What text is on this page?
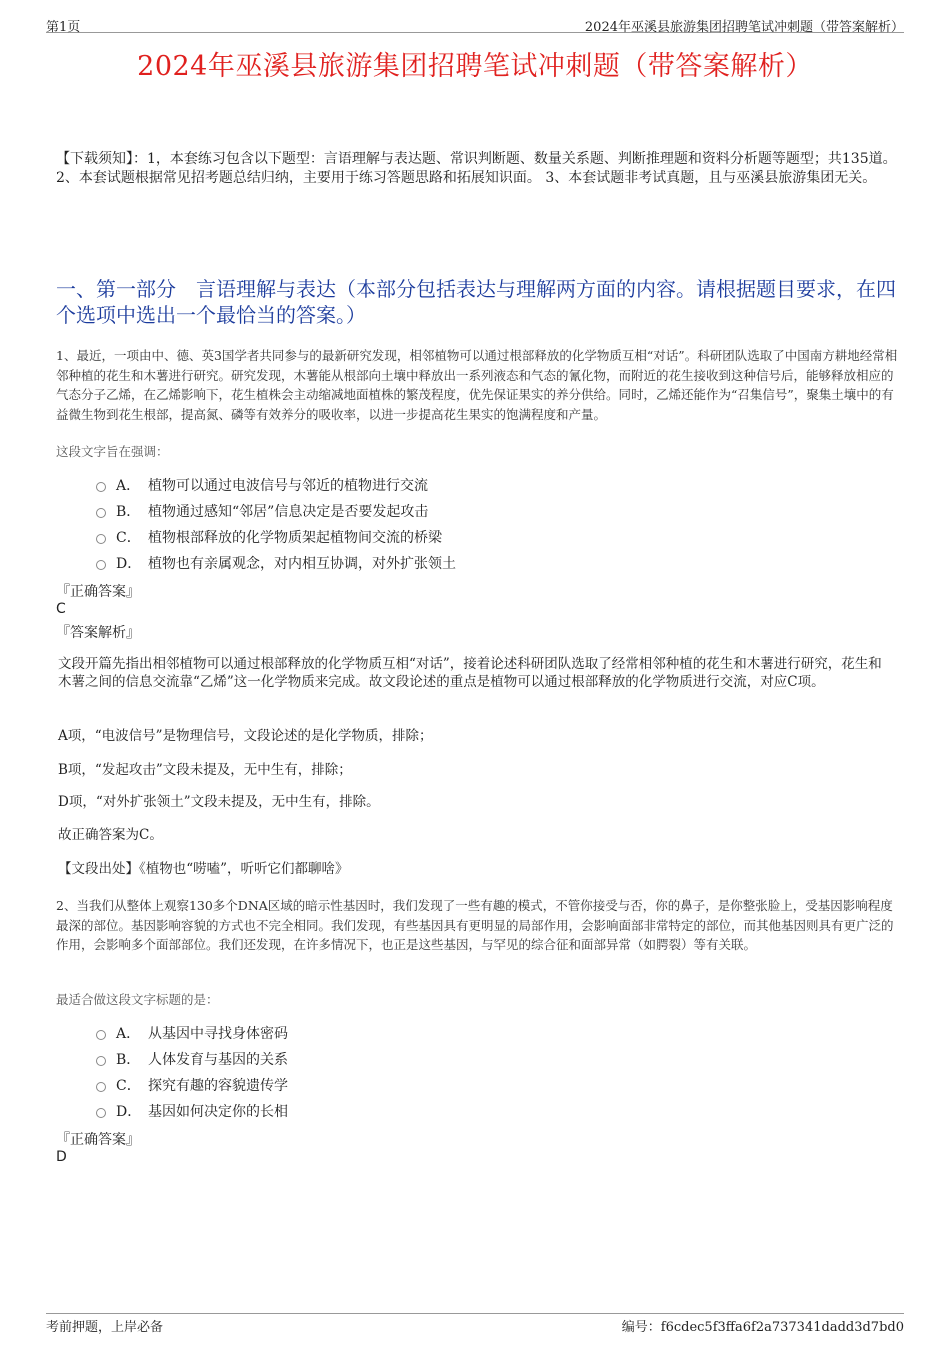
第1页	2024年巫溪县旅游集团招聘笔试冲刺题（带答案解析）
2024年巫溪县旅游集团招聘笔试冲刺题（带答案解析）
【下载须知】：1，本套练习包含以下题型：言语理解与表达题、常识判断题、数量关系题、判断推理题和资料分析题等题型；共135道。 2、本套试题根据常见招考题总结归纳，主要用于练习答题思路和拓展知识面。 3、本套试题非考试真题，且与巫溪县旅游集团无关。
一、第一部分　言语理解与表达（本部分包括表达与理解两方面的内容。请根据题目要求，在四个选项中选出一个最恰当的答案。）

1、最近，一项由中、德、英3国学者共同参与的最新研究发现，相邻植物可以通过根部释放的化学物质互相“对话”。科研团队选取了中国南方耕地经常相邻种植的花生和木薯进行研究。研究发现，木薯能从根部向土壤中释放出一系列液态和气态的氰化物，而附近的花生接收到这种信号后，能够释放相应的气态分子乙烯，在乙烯影响下，花生植株会主动缩减地面植株的繁茂程度，优先保证果实的养分供给。同时，乙烯还能作为“召集信号”，聚集土壤中的有益微生物到花生根部，提高氮、磷等有效养分的吸收率，以进一步提高花生果实的饱满程度和产量。

这段文字旨在强调：
A． 植物可以通过电波信号与邻近的植物进行交流
B． 植物通过感知“邻居”信息决定是否要发起攻击
C． 植物根部释放的化学物质架起植物间交流的桥梁
D． 植物也有亲属观念，对内相互协调，对外扩张领土
『正确答案』
C
『答案解析』

文段开篇先指出相邻植物可以通过根部释放的化学物质互相“对话”，接着论述科研团队选取了经常相邻种植的花生和木薯进行研究，花生和木薯之间的信息交流靠“乙烯”这一化学物质来完成。故文段论述的重点是植物可以通过根部释放的化学物质进行交流，对应C项。

A项，“电波信号”是物理信号，文段论述的是化学物质，排除；
B项，“发起攻击”文段未提及，无中生有，排除；
D项，“对外扩张领土”文段未提及，无中生有，排除。
故正确答案为C。
【文段出处】《植物也“唠嗑”，听听它们都聊啥》

2、当我们从整体上观察130多个DNA区域的暗示性基因时，我们发现了一些有趣的模式，不管你接受与否，你的鼻子，是你整张脸上，受基因影响程度最深的部位。基因影响容貌的方式也不完全相同。我们发现，有些基因具有更明显的局部作用，会影响面部非常特定的部位，而其他基因则具有更广泛的作用，会影响多个面部部位。我们还发现，在许多情况下，也正是这些基因，与罕见的综合征和面部异常（如腭裂）等有关联。

最适合做这段文字标题的是：
A． 从基因中寻找身体密码
B． 人体发育与基因的关系
C． 探究有趣的容貌遗传学
D． 基因如何决定你的长相
『正确答案』
D
考前押题，上岸必备	编号：f6cdec5f3ffa6f2a737341dadd3d7bd0
